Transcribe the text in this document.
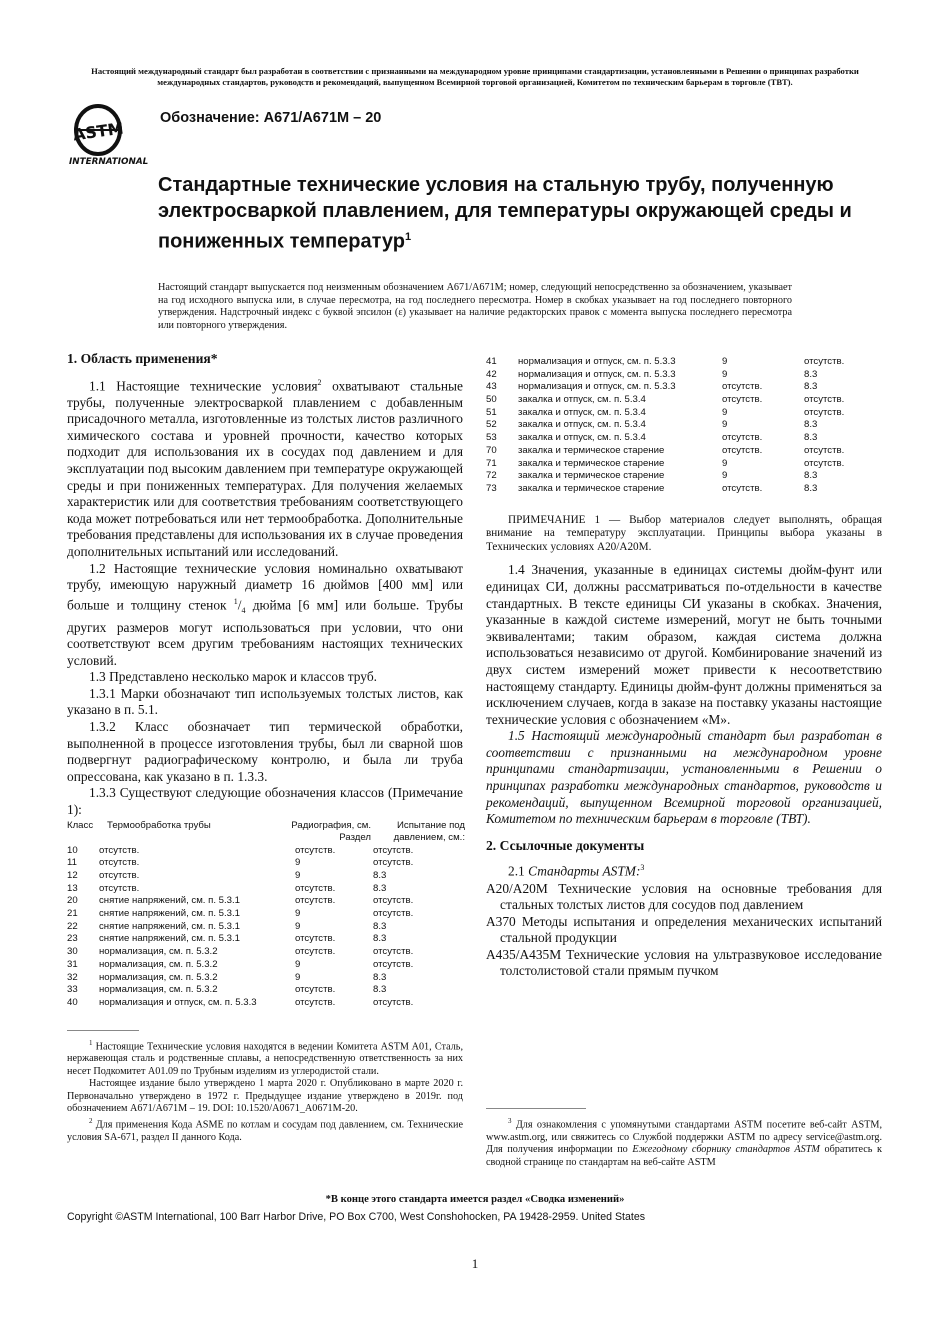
Настоящий международный стандарт был разработан в соответствии с признанными на международном уровне принципами стандартизации, установленными в Решении о принципах разработки международных стандартов, руководств и рекомендаций, выпущенном Всемирной торговой организацией, Комитетом по техническим барьерам в торговле (ТВТ).
ASTM
INTERNATIONAL
Обозначение: A671/A671M – 20
Стандартные технические условия на стальную трубу, полученную электросваркой плавлением, для температуры окружающей среды и пониженных температур$^1$
Настоящий стандарт выпускается под неизменным обозначением A671/A671M; номер, следующий непосредственно за обозначением, указывает на год исходного выпуска или, в случае пересмотра, на год последнего пересмотра. Номер в скобках указывает на год последнего повторного утверждения. Надстрочный индекс с буквой эпсилон (ε) указывает на наличие редакторских правок с момента выпуска последнего пересмотра или повторного утверждения.

1. Область применения*

1.1 Настоящие технические условия$^2$ охватывают стальные трубы, полученные электросваркой плавлением с добавленным присадочного металла, изготовленные из толстых листов различного химического состава и уровней прочности, качество которых подходит для использования их в сосудах под давлением и для эксплуатации под высоким давлением при температуре окружающей среды и при пониженных температурах. Для получения желаемых характеристик или для соответствия требованиям соответствующего кода может потребоваться или нет термообработка. Дополнительные требования представлены для использования их в случае проведения дополнительных испытаний или исследований.

1.2 Настоящие технические условия номинально охватывают трубу, имеющую наружный диаметр 16 дюймов [400 мм] или больше и толщину стенок $^1/_4$ дюйма [6 мм] или больше. Трубы других размеров могут использоваться при условии, что они соответствуют всем другим требованиям настоящих технических условий.

1.3 Представлено несколько марок и классов труб.

1.3.1 Марки обозначают тип используемых толстых листов, как указано в п. 5.1.

1.3.2 Класс обозначает тип термической обработки, выполненной в процессе изготовления трубы, был ли сварной шов подвергнут радиографическому контролю, и была ли труба опрессована, как указано в п. 1.3.3.

1.3.3 Существуют следующие обозначения классов (Примечание 1):

Класс Термообработка трубы	Радиография, см. Раздел
Испытание под давлением, см.:
10 отсутств.	отсутств.	отсутств.
11 отсутств.	9	отсутств.
12 отсутств.	9	8.3
13 отсутств.	отсутств.	8.3
20 снятие напряжений, см. п. 5.3.1	отсутств.	отсутств.
21 снятие напряжений, см. п. 5.3.1	9	отсутств.
22 снятие напряжений, см. п. 5.3.1	9	8.3
23 снятие напряжений, см. п. 5.3.1	отсутств.	8.3
30 нормализация, см. п. 5.3.2	отсутств.	отсутств.
31 нормализация, см. п. 5.3.2	9	отсутств.
32 нормализация, см. п. 5.3.2	9	8.3
33 нормализация, см. п. 5.3.2	отсутств.	8.3
40 нормализация и отпуск, см. п. 5.3.3	отсутств.	отсутств.

$^1$ Настоящие Технические условия находятся в ведении Комитета ASTM A01, Сталь, нержавеющая сталь и родственные сплавы, а непосредственную ответственность за них несет Подкомитет A01.09 по Трубным изделиям из углеродистой стали.

Настоящее издание было утверждено 1 марта 2020 г. Опубликовано в марте 2020 г. Первоначально утверждено в 1972 г. Предыдущее издание утверждено в 2019г. под обозначением A671/A671M – 19. DOI: 10.1520/A0671_A0671M-20.

$^2$ Для применения Кода ASME по котлам и сосудам под давлением, см. Технические условия SA-671, раздел II данного Кода.

41 нормализация и отпуск, см. п. 5.3.3	9	отсутств.
42 нормализация и отпуск, см. п. 5.3.3	9	8.3
43 нормализация и отпуск, см. п. 5.3.3	отсутств.	8.3
50 закалка и отпуск, см. п. 5.3.4	отсутств.	отсутств.
51 закалка и отпуск, см. п. 5.3.4	9	отсутств.
52 закалка и отпуск, см. п. 5.3.4	9	8.3
53 закалка и отпуск, см. п. 5.3.4	отсутств.	8.3
70 закалка и термическое старение	отсутств.	отсутств.
71 закалка и термическое старение	9	отсутств.
72 закалка и термическое старение	9	8.3
73 закалка и термическое старение	отсутств.	8.3

ПРИМЕЧАНИЕ 1 — Выбор материалов следует выполнять, обращая внимание на температуру эксплуатации. Принципы выбора указаны в Технических условиях A20/A20M.

1.4 Значения, указанные в единицах системы дюйм-фунт или единицах СИ, должны рассматриваться по-отдельности в качестве стандартных. В тексте единицы СИ указаны в скобках. Значения, указанные в каждой системе измерений, могут не быть точными эквивалентами; таким образом, каждая система должна использоваться независимо от другой. Комбинирование значений из двух систем измерений может привести к несоответствию настоящему стандарту. Единицы дюйм-фунт должны применяться за исключением случаев, когда в заказе на поставку указаны настоящие технические условия с обозначением «M».

1.5 Настоящий международный стандарт был разработан в соответствии с признанными на международном уровне принципами стандартизации, установленными в Решении о принципах разработки международных стандартов, руководств и рекомендаций, выпущенном Всемирной торговой организацией, Комитетом по техническим барьерам в торговле (ТВТ).

2. Ссылочные документы

2.1 Стандарты ASTM:$^3$

A20/A20M Технические условия на основные требования для стальных толстых листов для сосудов под давлением

A370 Методы испытания и определения механических испытаний стальной продукции

A435/A435M Технические условия на ультразвуковое исследование толстолистовой стали прямым пучком

$^3$ Для ознакомления с упомянутыми стандартами ASTM посетите веб-сайт ASTM, www.astm.org, или свяжитесь со Службой поддержки ASTM по адресу service@astm.org. Для получения информации по Ежегодному сборнику стандартов ASTM обратитесь к сводной странице по стандартам на веб-сайте ASTM

*В конце этого стандарта имеется раздел «Сводка изменений»
Copyright ©ASTM International, 100 Barr Harbor Drive, PO Box C700, West Conshohocken, PA 19428-2959. United States
1
